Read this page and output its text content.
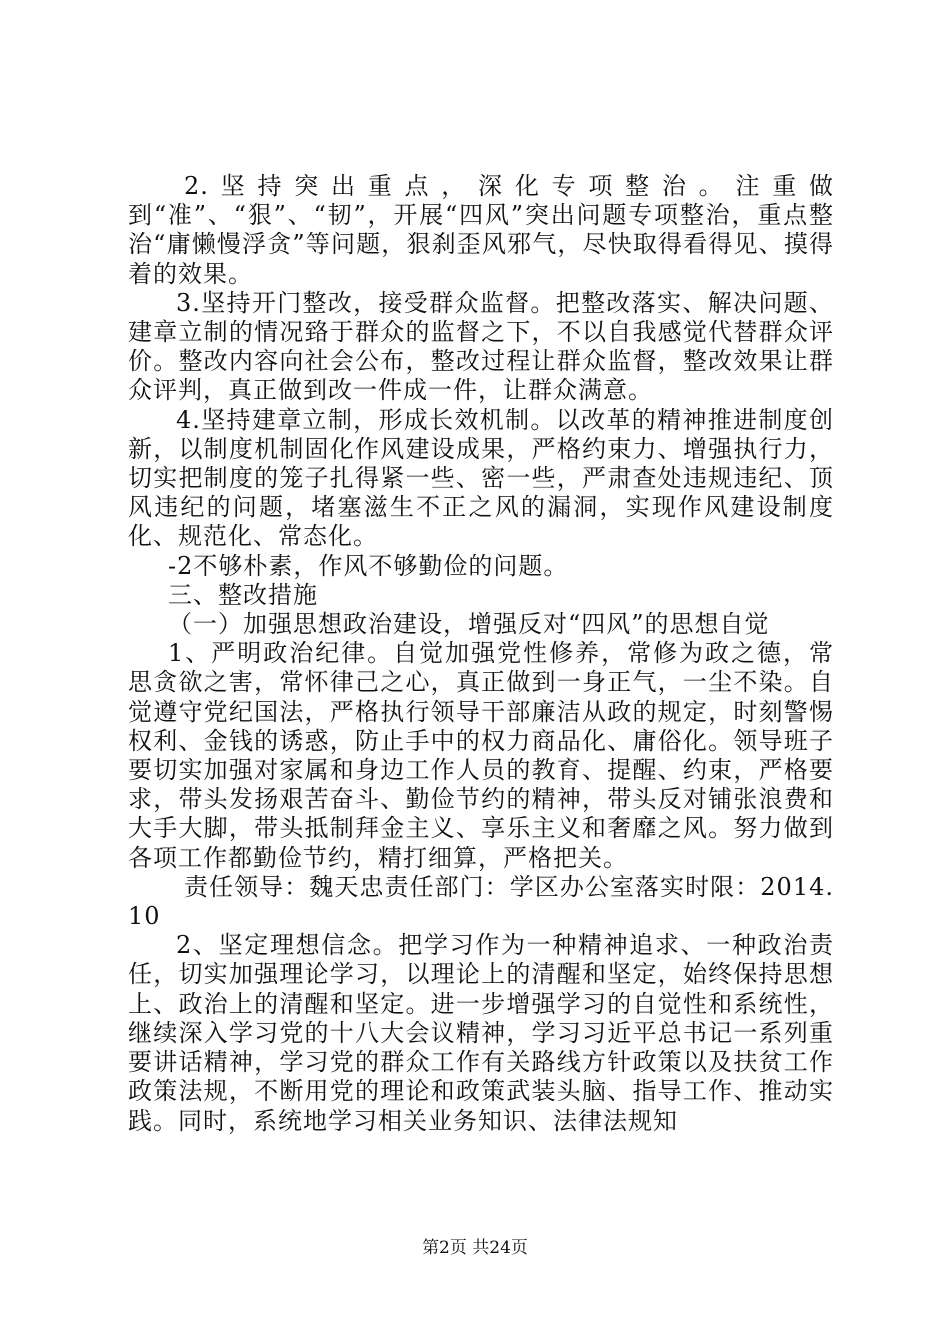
2.坚持突出重点，深化专项整治。注重做到“准”、“狠”、“韧”，开展“四风”突出问题专项整治，重点整治“庸懒慢浮贪”等问题，狠刹歪风邪气，尽快取得看得见、摸得着的效果。

3.坚持开门整改，接受群众监督。把整改落实、解决问题、建章立制的情况臵于群众的监督之下，不以自我感觉代替群众评价。整改内容向社会公布，整改过程让群众监督，整改效果让群众评判，真正做到改一件成一件，让群众满意。

4.坚持建章立制，形成长效机制。以改革的精神推进制度创新，以制度机制固化作风建设成果，严格约束力、增强执行力，切实把制度的笼子扎得紧一些、密一些，严肃查处违规违纪、顶风违纪的问题，堵塞滋生不正之风的漏洞，实现作风建设制度化、规范化、常态化。

-2不够朴素，作风不够勤俭的问题。

三、整改措施

（一）加强思想政治建设，增强反对“四风”的思想自觉

1、严明政治纪律。自觉加强党性修养，常修为政之德，常思贪欲之害，常怀律己之心，真正做到一身正气，一尘不染。自觉遵守党纪国法，严格执行领导干部廉洁从政的规定，时刻警惕权利、金钱的诱惑，防止手中的权力商品化、庸俗化。领导班子要切实加强对家属和身边工作人员的教育、提醒、约束，严格要求，带头发扬艰苦奋斗、勤俭节约的精神，带头反对铺张浪费和大手大脚，带头抵制拜金主义、享乐主义和奢靡之风。努力做到各项工作都勤俭节约，精打细算，严格把关。

责任领导：魏天忠责任部门：学区办公室落实时限：2014.10

2、坚定理想信念。把学习作为一种精神追求、一种政治责任，切实加强理论学习，以理论上的清醒和坚定，始终保持思想上、政治上的清醒和坚定。进一步增强学习的自觉性和系统性，继续深入学习党的十八大会议精神，学习习近平总书记一系列重要讲话精神，学习党的群众工作有关路线方针政策以及扶贫工作政策法规，不断用党的理论和政策武装头脑、指导工作、推动实践。同时，系统地学习相关业务知识、法律法规知

第2页 共24页
